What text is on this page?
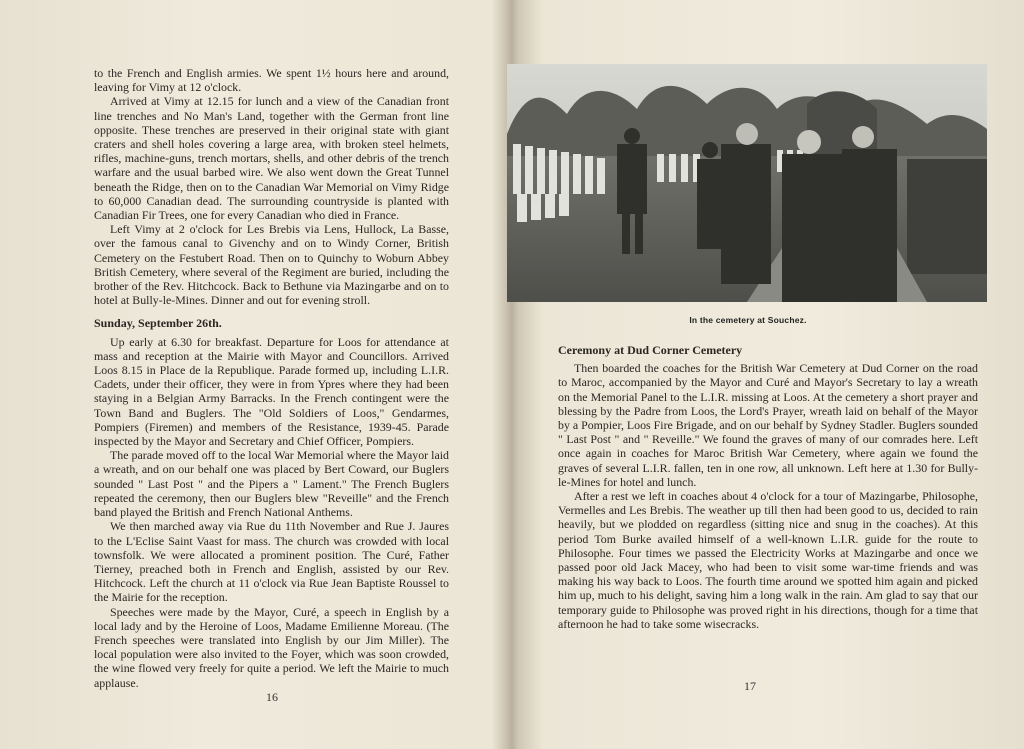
to the French and English armies. We spent 1½ hours here and around, leaving for Vimy at 12 o'clock.

Arrived at Vimy at 12.15 for lunch and a view of the Canadian front line trenches and No Man's Land, together with the German front line opposite. These trenches are preserved in their original state with giant craters and shell holes covering a large area, with broken steel helmets, rifles, machine-guns, trench mortars, shells, and other debris of the trench warfare and the usual barbed wire. We also went down the Great Tunnel beneath the Ridge, then on to the Canadian War Memorial on Vimy Ridge to 60,000 Canadian dead. The surrounding countryside is planted with Canadian Fir Trees, one for every Canadian who died in France.

Left Vimy at 2 o'clock for Les Brebis via Lens, Hullock, La Basse, over the famous canal to Givenchy and on to Windy Corner, British Cemetery on the Festubert Road. Then on to Quinchy to Woburn Abbey British Cemetery, where several of the Regiment are buried, including the brother of the Rev. Hitchcock. Back to Bethune via Mazingarbe and on to hotel at Bully-le-Mines. Dinner and out for evening stroll.

Sunday, September 26th.

Up early at 6.30 for breakfast. Departure for Loos for attendance at mass and reception at the Mairie with Mayor and Councillors. Arrived Loos 8.15 in Place de la Republique. Parade formed up, including L.I.R. Cadets, under their officer, they were in from Ypres where they had been staying in a Belgian Army Barracks. In the French contingent were the Town Band and Buglers. The "Old Soldiers of Loos," Gendarmes, Pompiers (Firemen) and members of the Resistance, 1939-45. Parade inspected by the Mayor and Secretary and Chief Officer, Pompiers.

The parade moved off to the local War Memorial where the Mayor laid a wreath, and on our behalf one was placed by Bert Coward, our Buglers sounded " Last Post " and the Pipers a " Lament." The French Buglers repeated the ceremony, then our Buglers blew "Reveille" and the French band played the British and French National Anthems.

We then marched away via Rue du 11th November and Rue J. Jaures to the L'Eclise Saint Vaast for mass. The church was crowded with local townsfolk. We were allocated a prominent position. The Curé, Father Tierney, preached both in French and English, assisted by our Rev. Hitchcock. Left the church at 11 o'clock via Rue Jean Baptiste Roussel to the Mairie for the reception.

Speeches were made by the Mayor, Curé, a speech in English by a local lady and by the Heroine of Loos, Madame Emilienne Moreau. (The French speeches were translated into English by our Jim Miller). The local population were also invited to the Foyer, which was soon crowded, the wine flowed very freely for quite a period. We left the Mairie to much applause.

16
In the cemetery at Souchez.
Ceremony at Dud Corner Cemetery

Then boarded the coaches for the British War Cemetery at Dud Corner on the road to Maroc, accompanied by the Mayor and Curé and Mayor's Secretary to lay a wreath on the Memorial Panel to the L.I.R. missing at Loos. At the cemetery a short prayer and blessing by the Padre from Loos, the Lord's Prayer, wreath laid on behalf of the Mayor by a Pompier, Loos Fire Brigade, and on our behalf by Sydney Stadler. Buglers sounded " Last Post " and " Reveille." We found the graves of many of our comrades here. Left once again in coaches for Maroc British War Cemetery, where again we found the graves of several L.I.R. fallen, ten in one row, all unknown. Left here at 1.30 for Bully-le-Mines for hotel and lunch.

After a rest we left in coaches about 4 o'clock for a tour of Mazingarbe, Philosophe, Vermelles and Les Brebis. The weather up till then had been good to us, decided to rain heavily, but we plodded on regardless (sitting nice and snug in the coaches). At this period Tom Burke availed himself of a well-known L.I.R. guide for the route to Philosophe. Four times we passed the Electricity Works at Mazingarbe and once we passed poor old Jack Macey, who had been to visit some war-time friends and was making his way back to Loos. The fourth time around we spotted him again and picked him up, much to his delight, saving him a long walk in the rain. Am glad to say that our temporary guide to Philosophe was proved right in his directions, though for a time that afternoon he had to take some wisecracks.

17
